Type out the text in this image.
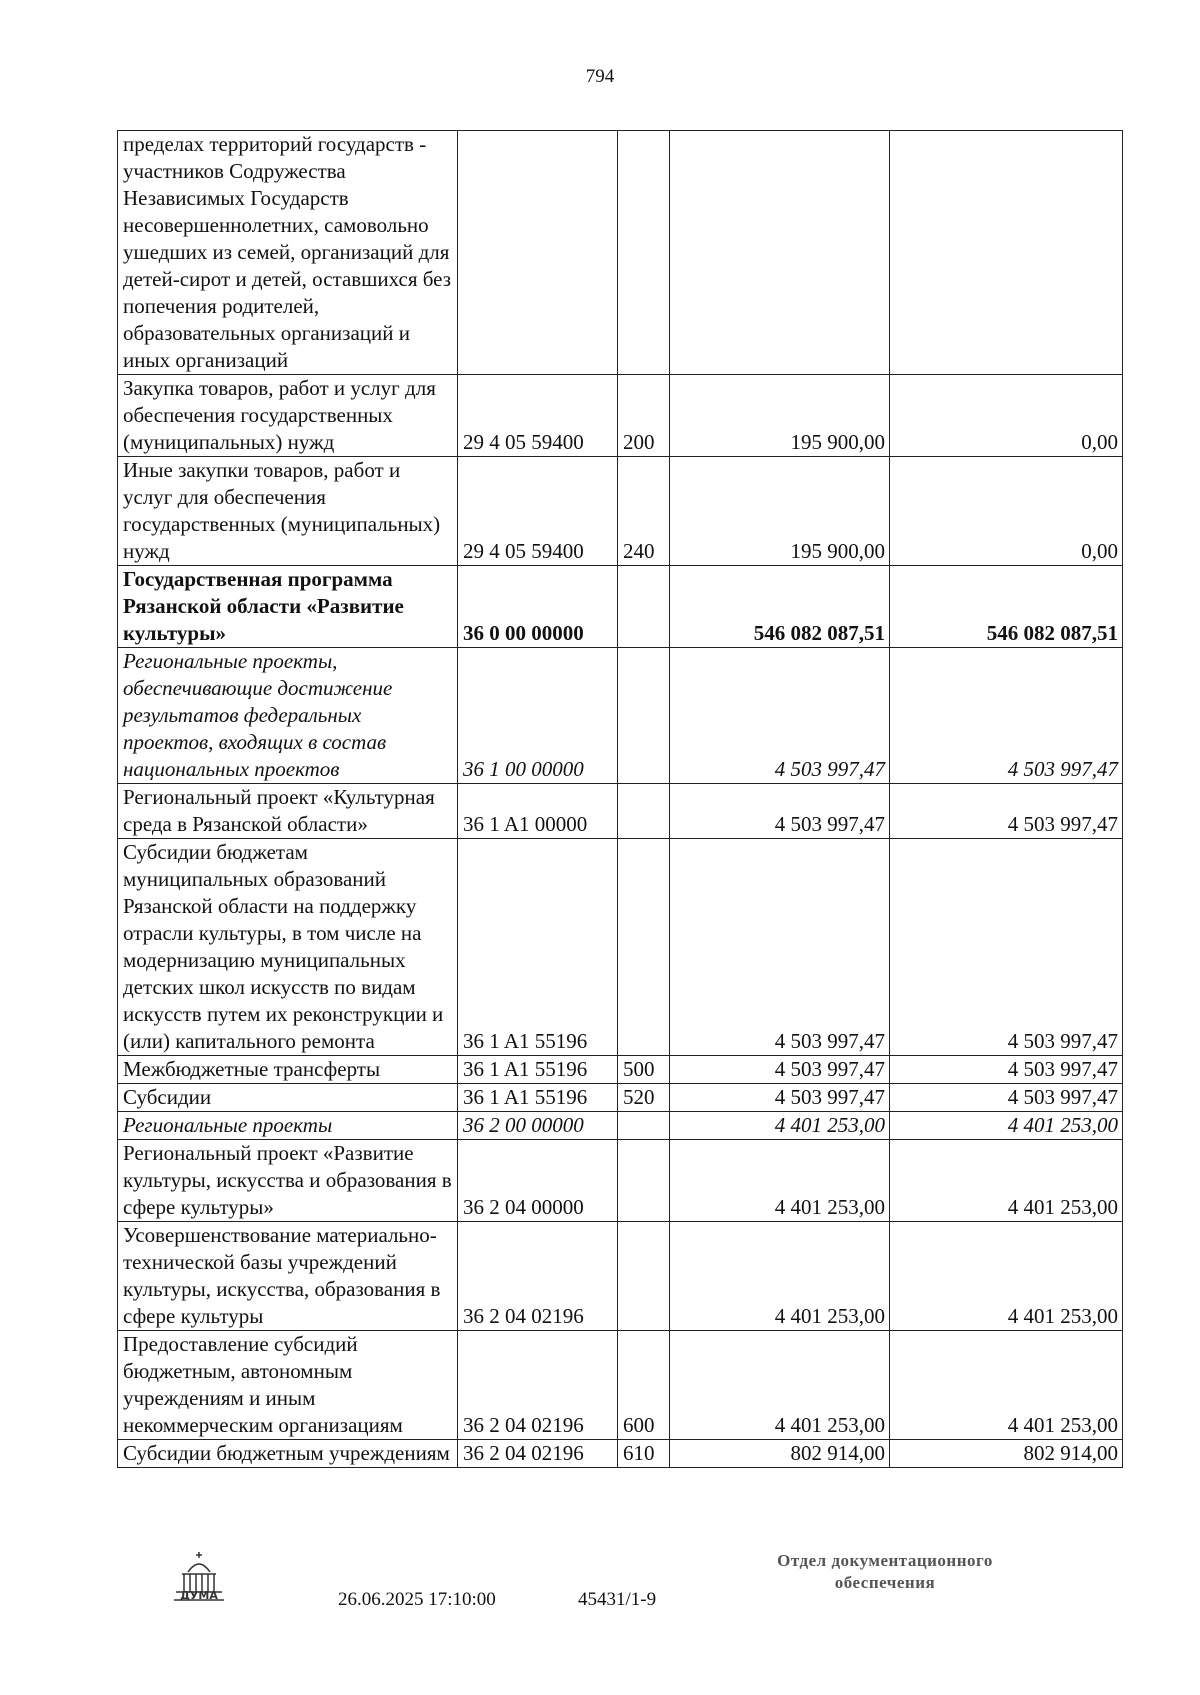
794
пределах территорий государств - участников Содружества Независимых Государств несовершеннолетних, самовольно ушедших из семей, организаций для детей-сирот и детей, оставшихся без попечения родителей, образовательных организаций и иных организаций				
Закупка товаров, работ и услуг для обеспечения государственных (муниципальных) нужд	29 4 05 59400	200	195 900,00	0,00
Иные закупки товаров, работ и услуг для обеспечения государственных (муниципальных) нужд	29 4 05 59400	240	195 900,00	0,00
Государственная программа Рязанской области «Развитие культуры»	36 0 00 00000		546 082 087,51	546 082 087,51
Региональные проекты, обеспечивающие достижение результатов федеральных проектов, входящих в состав национальных проектов	36 1 00 00000		4 503 997,47	4 503 997,47
Региональный проект «Культурная среда в Рязанской области»	36 1 A1 00000		4 503 997,47	4 503 997,47
Субсидии бюджетам муниципальных образований Рязанской области на поддержку отрасли культуры, в том числе на модернизацию муниципальных детских школ искусств по видам искусств путем их реконструкции и (или) капитального ремонта	36 1 A1 55196		4 503 997,47	4 503 997,47
Межбюджетные трансферты	36 1 A1 55196	500	4 503 997,47	4 503 997,47
Субсидии	36 1 A1 55196	520	4 503 997,47	4 503 997,47
Региональные проекты	36 2 00 00000		4 401 253,00	4 401 253,00
Региональный проект «Развитие культуры, искусства и образования в сфере культуры»	36 2 04 00000		4 401 253,00	4 401 253,00
Усовершенствование материально-технической базы учреждений культуры, искусства, образования в сфере культуры	36 2 04 02196		4 401 253,00	4 401 253,00
Предоставление субсидий бюджетным, автономным учреждениям и иным некоммерческим организациям	36 2 04 02196	600	4 401 253,00	4 401 253,00
Субсидии бюджетным учреждениям	36 2 04 02196	610	802 914,00	802 914,00
ДУМА	26.06.2025 17:10:00	45431/1-9
Отдел документационного
обеспечения
